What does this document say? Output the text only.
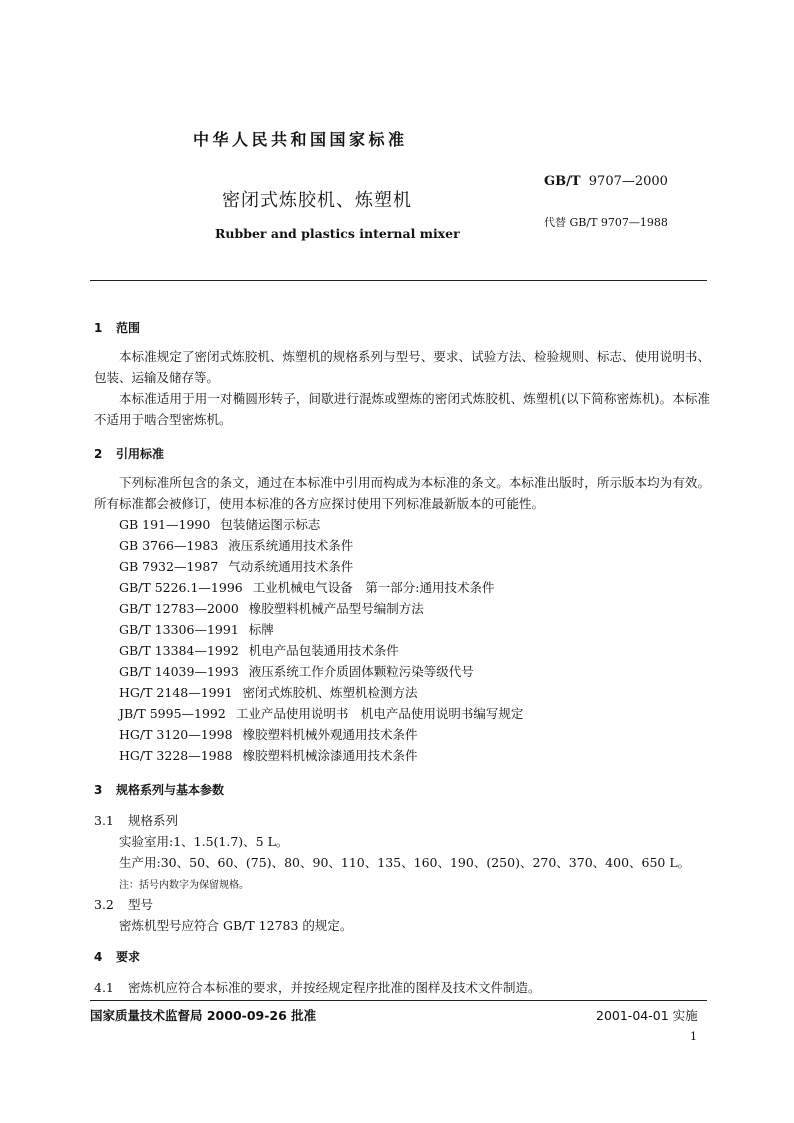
中华人民共和国国家标准
GB/T 9707—2000
密闭式炼胶机、炼塑机
代替 GB/T 9707—1988
Rubber and plastics internal mixer
1 范围
本标准规定了密闭式炼胶机、炼塑机的规格系列与型号、要求、试验方法、检验规则、标志、使用说明书、包装、运输及储存等。
本标准适用于用一对椭圆形转子，间歇进行混炼或塑炼的密闭式炼胶机、炼塑机(以下简称密炼机)。本标准不适用于啮合型密炼机。
2 引用标准
下列标准所包含的条文，通过在本标准中引用而构成为本标准的条文。本标准出版时，所示版本均为有效。所有标准都会被修订，使用本标准的各方应探讨使用下列标准最新版本的可能性。
GB 191—1990 包装储运图示标志
GB 3766—1983 液压系统通用技术条件
GB 7932—1987 气动系统通用技术条件
GB/T 5226.1—1996 工业机械电气设备　第一部分:通用技术条件
GB/T 12783—2000 橡胶塑料机械产品型号编制方法
GB/T 13306—1991 标牌
GB/T 13384—1992 机电产品包装通用技术条件
GB/T 14039—1993 液压系统工作介质固体颗粒污染等级代号
HG/T 2148—1991 密闭式炼胶机、炼塑机检测方法
JB/T 5995—1992 工业产品使用说明书　机电产品使用说明书编写规定
HG/T 3120—1998 橡胶塑料机械外观通用技术条件
HG/T 3228—1988 橡胶塑料机械涂漆通用技术条件
3 规格系列与基本参数
3.1 规格系列
实验室用:1、1.5(1.7)、5 L。
生产用:30、50、60、(75)、80、90、110、135、160、190、(250)、270、370、400、650 L。
注：括号内数字为保留规格。
3.2 型号
密炼机型号应符合 GB/T 12783 的规定。
4 要求
4.1 密炼机应符合本标准的要求，并按经规定程序批准的图样及技术文件制造。
国家质量技术监督局 2000-09-26 批准	2001-04-01 实施
1
